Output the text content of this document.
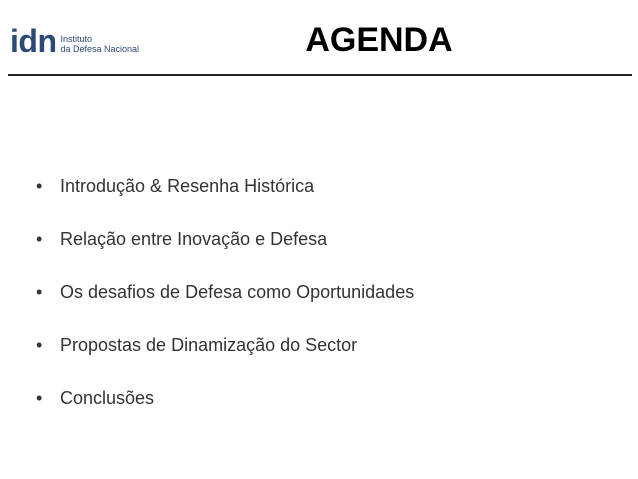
idn Instituto
da Defesa Nacional	AGENDA
• Introdução & Resenha Histórica
• Relação entre Inovação e Defesa
• Os desafios de Defesa como Oportunidades
• Propostas de Dinamização do Sector
• Conclusões
